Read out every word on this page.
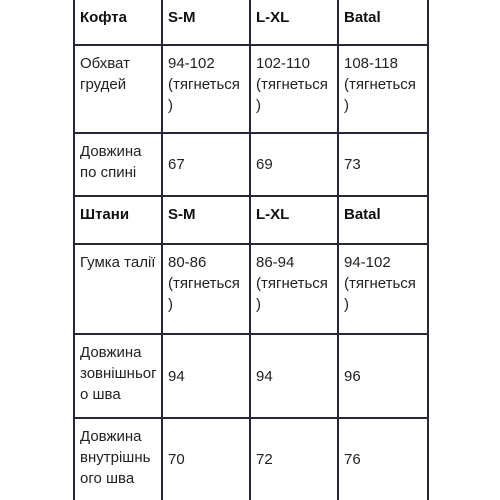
Кофта	S-M	L-XL	Batal
Обхват грудей	94-102 (тягнеться )	102-110 (тягнеться )	108-118 (тягнеться )
Довжина по спині	67	69	73
Штани	S-M	L-XL	Batal
Гумка талії	80-86 (тягнеться )	86-94 (тягнеться )	94-102 (тягнеться )
Довжина зовнішнього шва	94	94	96
Довжина внутрішнього шва	70	72	76
